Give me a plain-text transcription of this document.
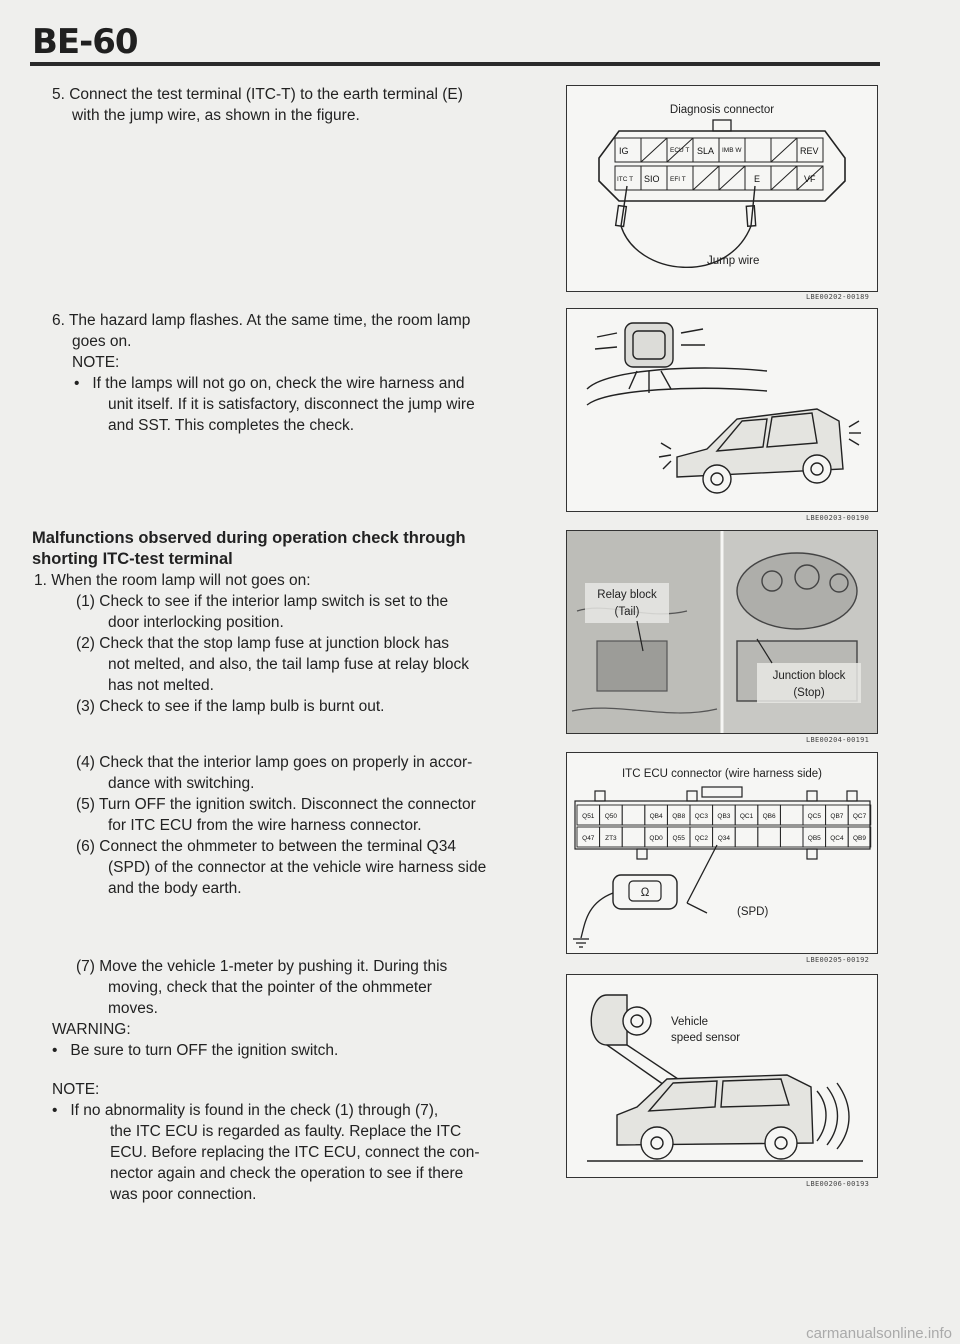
BE-60

5. Connect the test terminal (ITC-T) to the earth terminal (E)

with the jump wire, as shown in the figure.

6. The hazard lamp flashes. At the same time, the room lamp

goes on.

NOTE:

•   If the lamps will not go on, check the wire harness and

unit itself. If it is satisfactory, disconnect the jump wire

and SST. This completes the check.

Malfunctions observed during operation check through

shorting ITC-test terminal

1. When the room lamp will not goes on:

(1) Check to see if the interior lamp switch is set to the

door interlocking position.

(2) Check that the stop lamp fuse at junction block has

not melted, and also, the tail lamp fuse at relay block

has not melted.

(3) Check to see if the lamp bulb is burnt out.

(4) Check that the interior lamp goes on properly in accor-

dance with switching.

(5) Turn OFF the ignition switch. Disconnect the connector

for ITC ECU from the wire harness connector.

(6) Connect the ohmmeter to between the terminal Q34

(SPD) of the connector at the vehicle wire harness side

and the body earth.

(7) Move the vehicle 1-meter by pushing it. During this

moving, check that the pointer of the ohmmeter

moves.

WARNING:

•   Be sure to turn OFF the ignition switch.

NOTE:

•   If no abnormality is found in the check (1) through (7),

the ITC ECU is regarded as faulty. Replace the ITC

ECU. Before replacing the ITC ECU, connect the con-

nector again and check the operation to see if there

was poor connection.

Diagnosis connector
IG	ECU T SLA IMB W	REV
ITC T SIO EFI T	E	VF
Jump wire
LBE00202-00189
LBE00203-00190
Relay block
(Tail)
Junction block
(Stop)
LBE00204-00191
ITC ECU connector (wire harness side)
Q51 Q50	QB4 QB8 QC3 QB3 QC1 QB6	QC5 QB7 QC7
Q47 ZT3	QD0 Q55 QC2 Q34	QB5 QC4 QB9
Ω
(SPD)
LBE00205-00192
Vehicle
speed sensor
LBE00206-00193
carmanualsonline.info
